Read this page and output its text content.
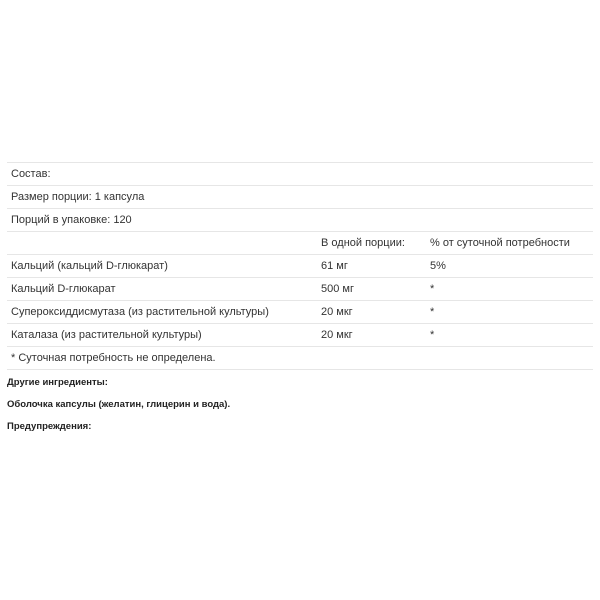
Состав:		
Размер порции: 1 капсула		
Порций в упаковке: 120		
	В одной порции:	% от суточной потребности
Кальций (кальций D-глюкарат)	61 мг	5%
Кальций D-глюкарат	500 мг	*
Супероксиддисмутаза (из растительной культуры)	20 мкг	*
Каталаза (из растительной культуры)	20 мкг	*
* Суточная потребность не определена.		

Другие ингредиенты:

Оболочка капсулы (желатин, глицерин и вода).

Предупреждения:
